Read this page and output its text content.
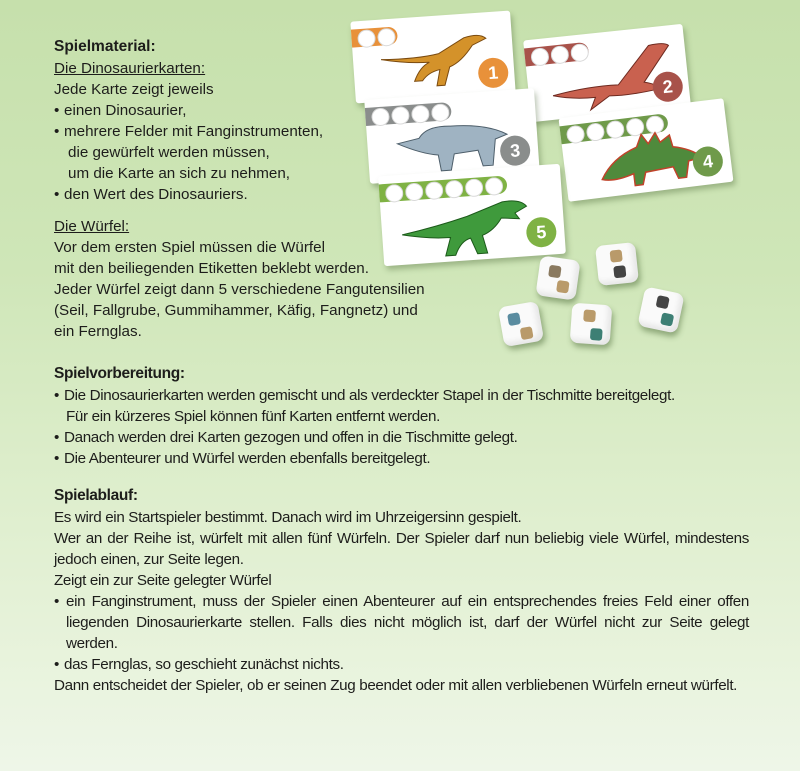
Spielmaterial:
Die Dinosaurierkarten:
Jede Karte zeigt jeweils
• einen Dinosaurier,
• mehrere Felder mit Fanginstrumenten,
die gewürfelt werden müssen,
um die Karte an sich zu nehmen,
• den Wert des Dinosauriers.
Die Würfel:
Vor dem ersten Spiel müssen die Würfel
mit den beiliegenden Etiketten beklebt werden.
Jeder Würfel zeigt dann 5 verschiedene Fangutensilien
(Seil, Fallgrube, Gummihammer, Käfig, Fangnetz) und
ein Fernglas.
1
2
3
4
5
Spielvorbereitung:
• Die Dinosaurierkarten werden gemischt und als verdeckter Stapel in der Tischmitte bereitgelegt.
Für ein kürzeres Spiel können fünf Karten entfernt werden.
• Danach werden drei Karten gezogen und offen in die Tischmitte gelegt.
• Die Abenteurer und Würfel werden ebenfalls bereitgelegt.
Spielablauf:
Es wird ein Startspieler bestimmt. Danach wird im Uhrzeigersinn gespielt.
Wer an der Reihe ist, würfelt mit allen fünf Würfeln. Der Spieler darf nun beliebig viele Würfel, mindestens jedoch einen, zur Seite legen.
Zeigt ein zur Seite gelegter Würfel
• ein Fanginstrument, muss der Spieler einen Abenteurer auf ein entsprechendes freies Feld einer offen liegenden Dinosaurierkarte stellen. Falls dies nicht möglich ist, darf der Würfel nicht zur Seite gelegt werden.
• das Fernglas, so geschieht zunächst nichts.
Dann entscheidet der Spieler, ob er seinen Zug beendet oder mit allen verbliebenen Würfeln erneut würfelt.
